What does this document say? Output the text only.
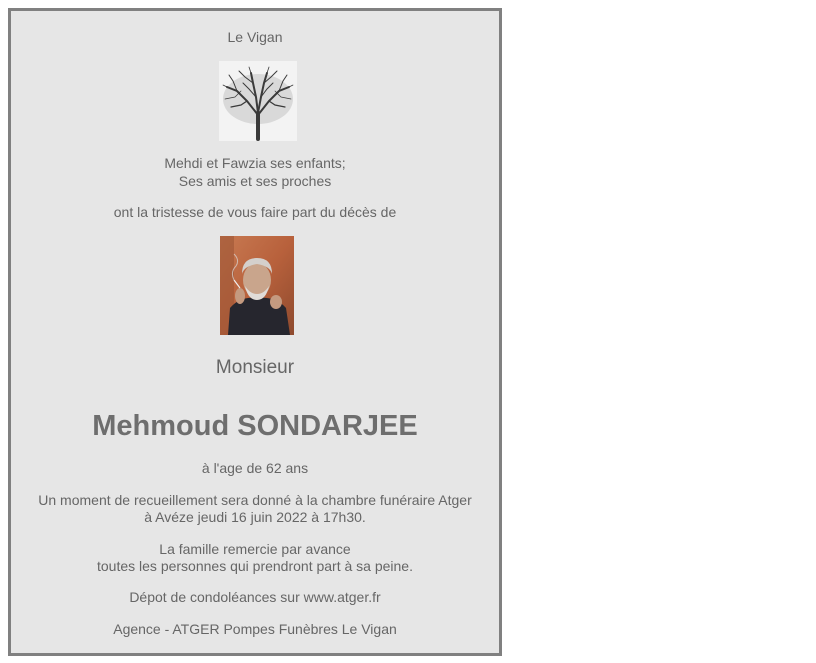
Le Vigan
Mehdi et Fawzia ses enfants;
Ses amis et ses proches
ont la tristesse de vous faire part du décès de
Monsieur
Mehmoud SONDARJEE
à l'age de 62 ans
Un moment de recueillement sera donné à la chambre funéraire Atger
à Avéze jeudi 16 juin 2022 à 17h30.
La famille remercie par avance
toutes les personnes qui prendront part à sa peine.
Dépot de condoléances sur www.atger.fr
Agence - ATGER Pompes Funèbres Le Vigan
